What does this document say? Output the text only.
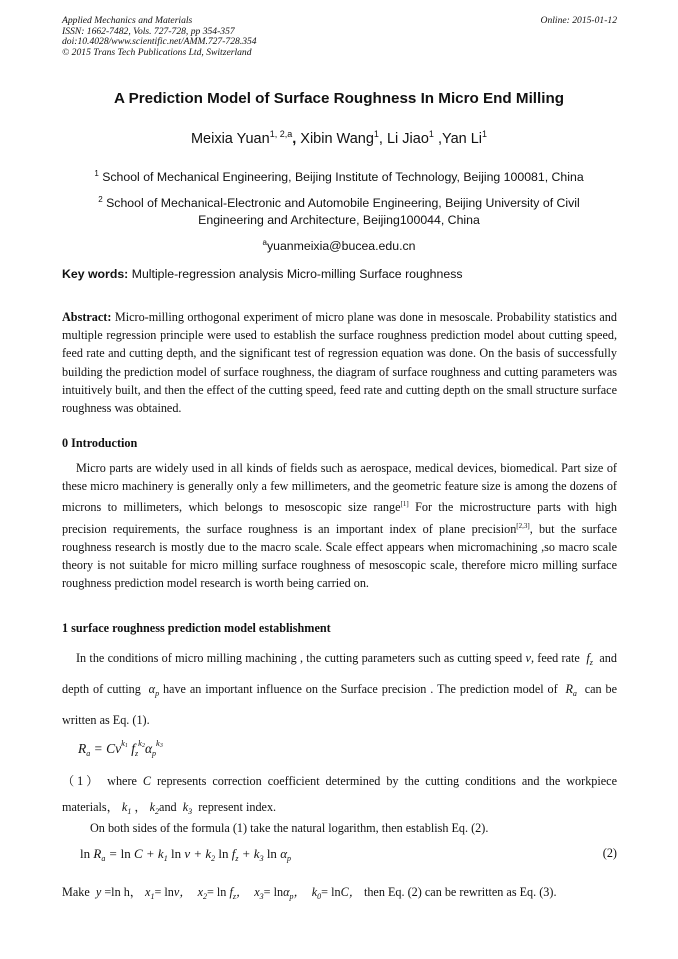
Applied Mechanics and Materials
ISSN: 1662-7482, Vols. 727-728, pp 354-357
doi:10.4028/www.scientific.net/AMM.727-728.354
© 2015 Trans Tech Publications Ltd, Switzerland
Online: 2015-01-12
A Prediction Model of Surface Roughness In Micro End Milling
Meixia Yuan$^{1, 2,a}$, Xibin Wang$^1$, Li Jiao$^1$ ,Yan Li$^1$
$^1$ School of Mechanical Engineering, Beijing Institute of Technology, Beijing 100081, China
$^2$ School of Mechanical-Electronic and Automobile Engineering, Beijing University of Civil
Engineering and Architecture, Beijing100044, China
$^a$yuanmeixia@bucea.edu.cn
Key words: Multiple-regression analysis Micro-milling Surface roughness
Abstract: Micro-milling orthogonal experiment of micro plane was done in mesoscale. Probability statistics and multiple regression principle were used to establish the surface roughness prediction model about cutting speed, feed rate and cutting depth, and the significant test of regression equation was done. On the basis of successfully building the prediction model of surface roughness, the diagram of surface roughness and cutting parameters was intuitively built, and then the effect of the cutting speed, feed rate and cutting depth on the small structure surface roughness was obtained.
0 Introduction
Micro parts are widely used in all kinds of fields such as aerospace, medical devices, biomedical. Part size of these micro machinery is generally only a few millimeters, and the geometric feature size is among the dozens of microns to millimeters, which belongs to mesoscopic size range[1] For the microstructure parts with high precision requirements, the surface roughness is an important index of plane precision[2,3], but the surface roughness research is mostly due to the macro scale. Scale effect appears when micromachining ,so macro scale theory is not suitable for micro milling surface roughness of mesoscopic scale, therefore micro milling surface roughness prediction model research is worth being carried on.
1 surface roughness prediction model establishment
In the conditions of micro milling machining , the cutting parameters such as cutting speed v, feed rate  $f_z$  and depth of cutting  $\alpha_p$ have an important influence on the Surface precision . The prediction model of  $R_a$  can be written as Eq. (1).
$R_a = Cv^{k1}$ $f_z^{k2}\alpha_p^{k3}$
（1） where C represents correction coefficient determined by the cutting conditions and the workpiece materials， $k_1$ ， $k_2and$  $k_3$  represent index.
On both sides of the formula (1) take the natural logarithm, then establish Eq. (2).
$\ln R_a = \ln C + k_1$ $\ln v + k_2$ $\ln f_z + k_3$ $\ln \alpha_p$	(2)
Make  y =ln h， $x_1= \ln v$，  $x_2= \ln f_z$，  $x_3= \ln\alpha_p$，  $k_0= \ln C$， then Eq. (2) can be rewritten as Eq. (3).
